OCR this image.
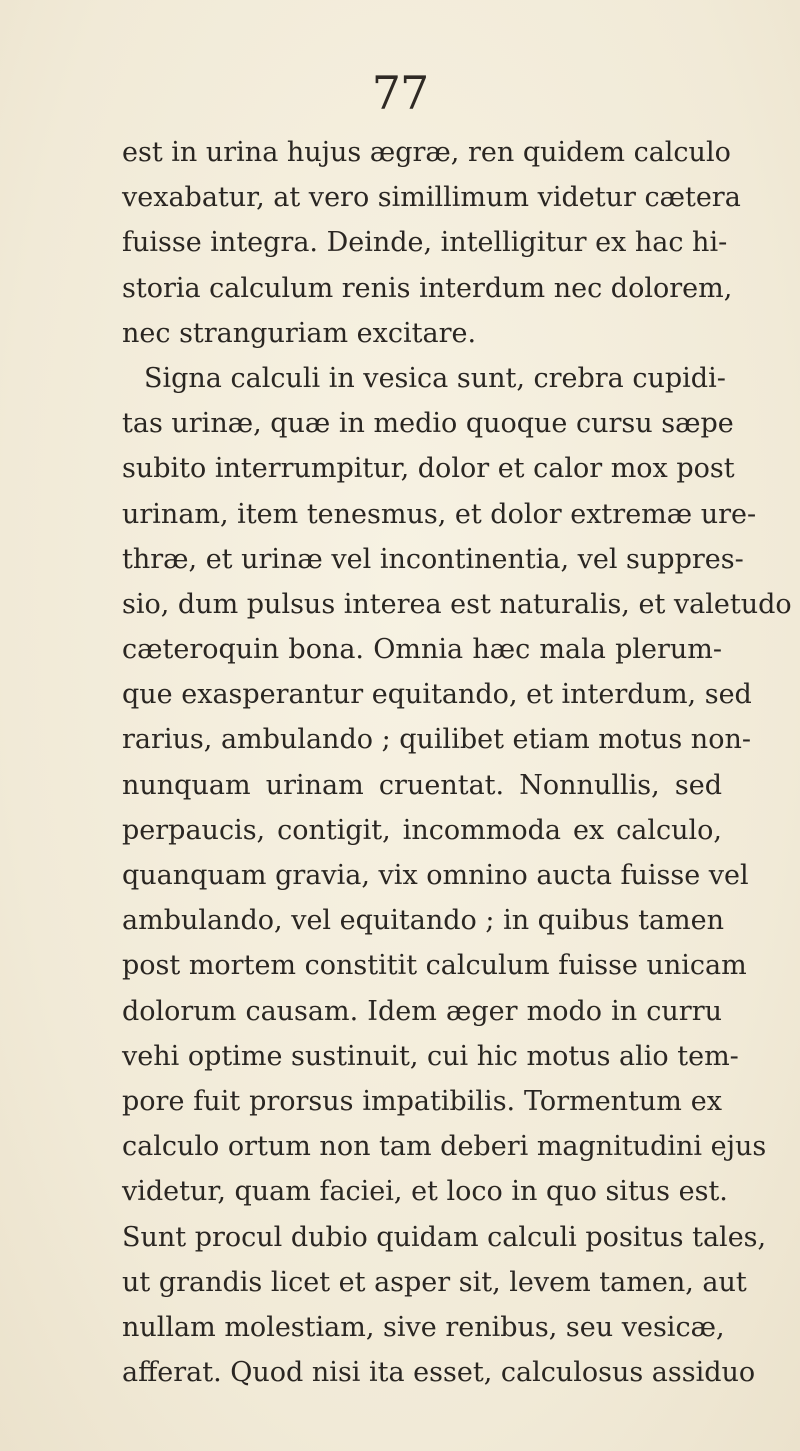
77
est in urina hujus ægræ, ren quidem calculo
vexabatur, at vero simillimum videtur cætera
fuisse integra. Deinde, intelligitur ex hac hi-
storia calculum renis interdum nec dolorem,
nec stranguriam excitare.
Signa calculi in vesica sunt, crebra cupidi-
tas urinæ, quæ in medio quoque cursu sæpe
subito interrumpitur, dolor et calor mox post
urinam, item tenesmus, et dolor extremæ ure-
thræ, et urinæ vel incontinentia, vel suppres-
sio, dum pulsus interea est naturalis, et valetudo
cæteroquin bona. Omnia hæc mala plerum-
que exasperantur equitando, et interdum, sed
rarius, ambulando ; quilibet etiam motus non-
nunquam urinam cruentat. Nonnullis, sed
perpaucis, contigit, incommoda ex calculo,
quanquam gravia, vix omnino aucta fuisse vel
ambulando, vel equitando ; in quibus tamen
post mortem constitit calculum fuisse unicam
dolorum causam. Idem æger modo in curru
vehi optime sustinuit, cui hic motus alio tem-
pore fuit prorsus impatibilis. Tormentum ex
calculo ortum non tam deberi magnitudini ejus
videtur, quam faciei, et loco in quo situs est.
Sunt procul dubio quidam calculi positus tales,
ut grandis licet et asper sit, levem tamen, aut
nullam molestiam, sive renibus, seu vesicæ,
afferat. Quod nisi ita esset, calculosus assiduo
